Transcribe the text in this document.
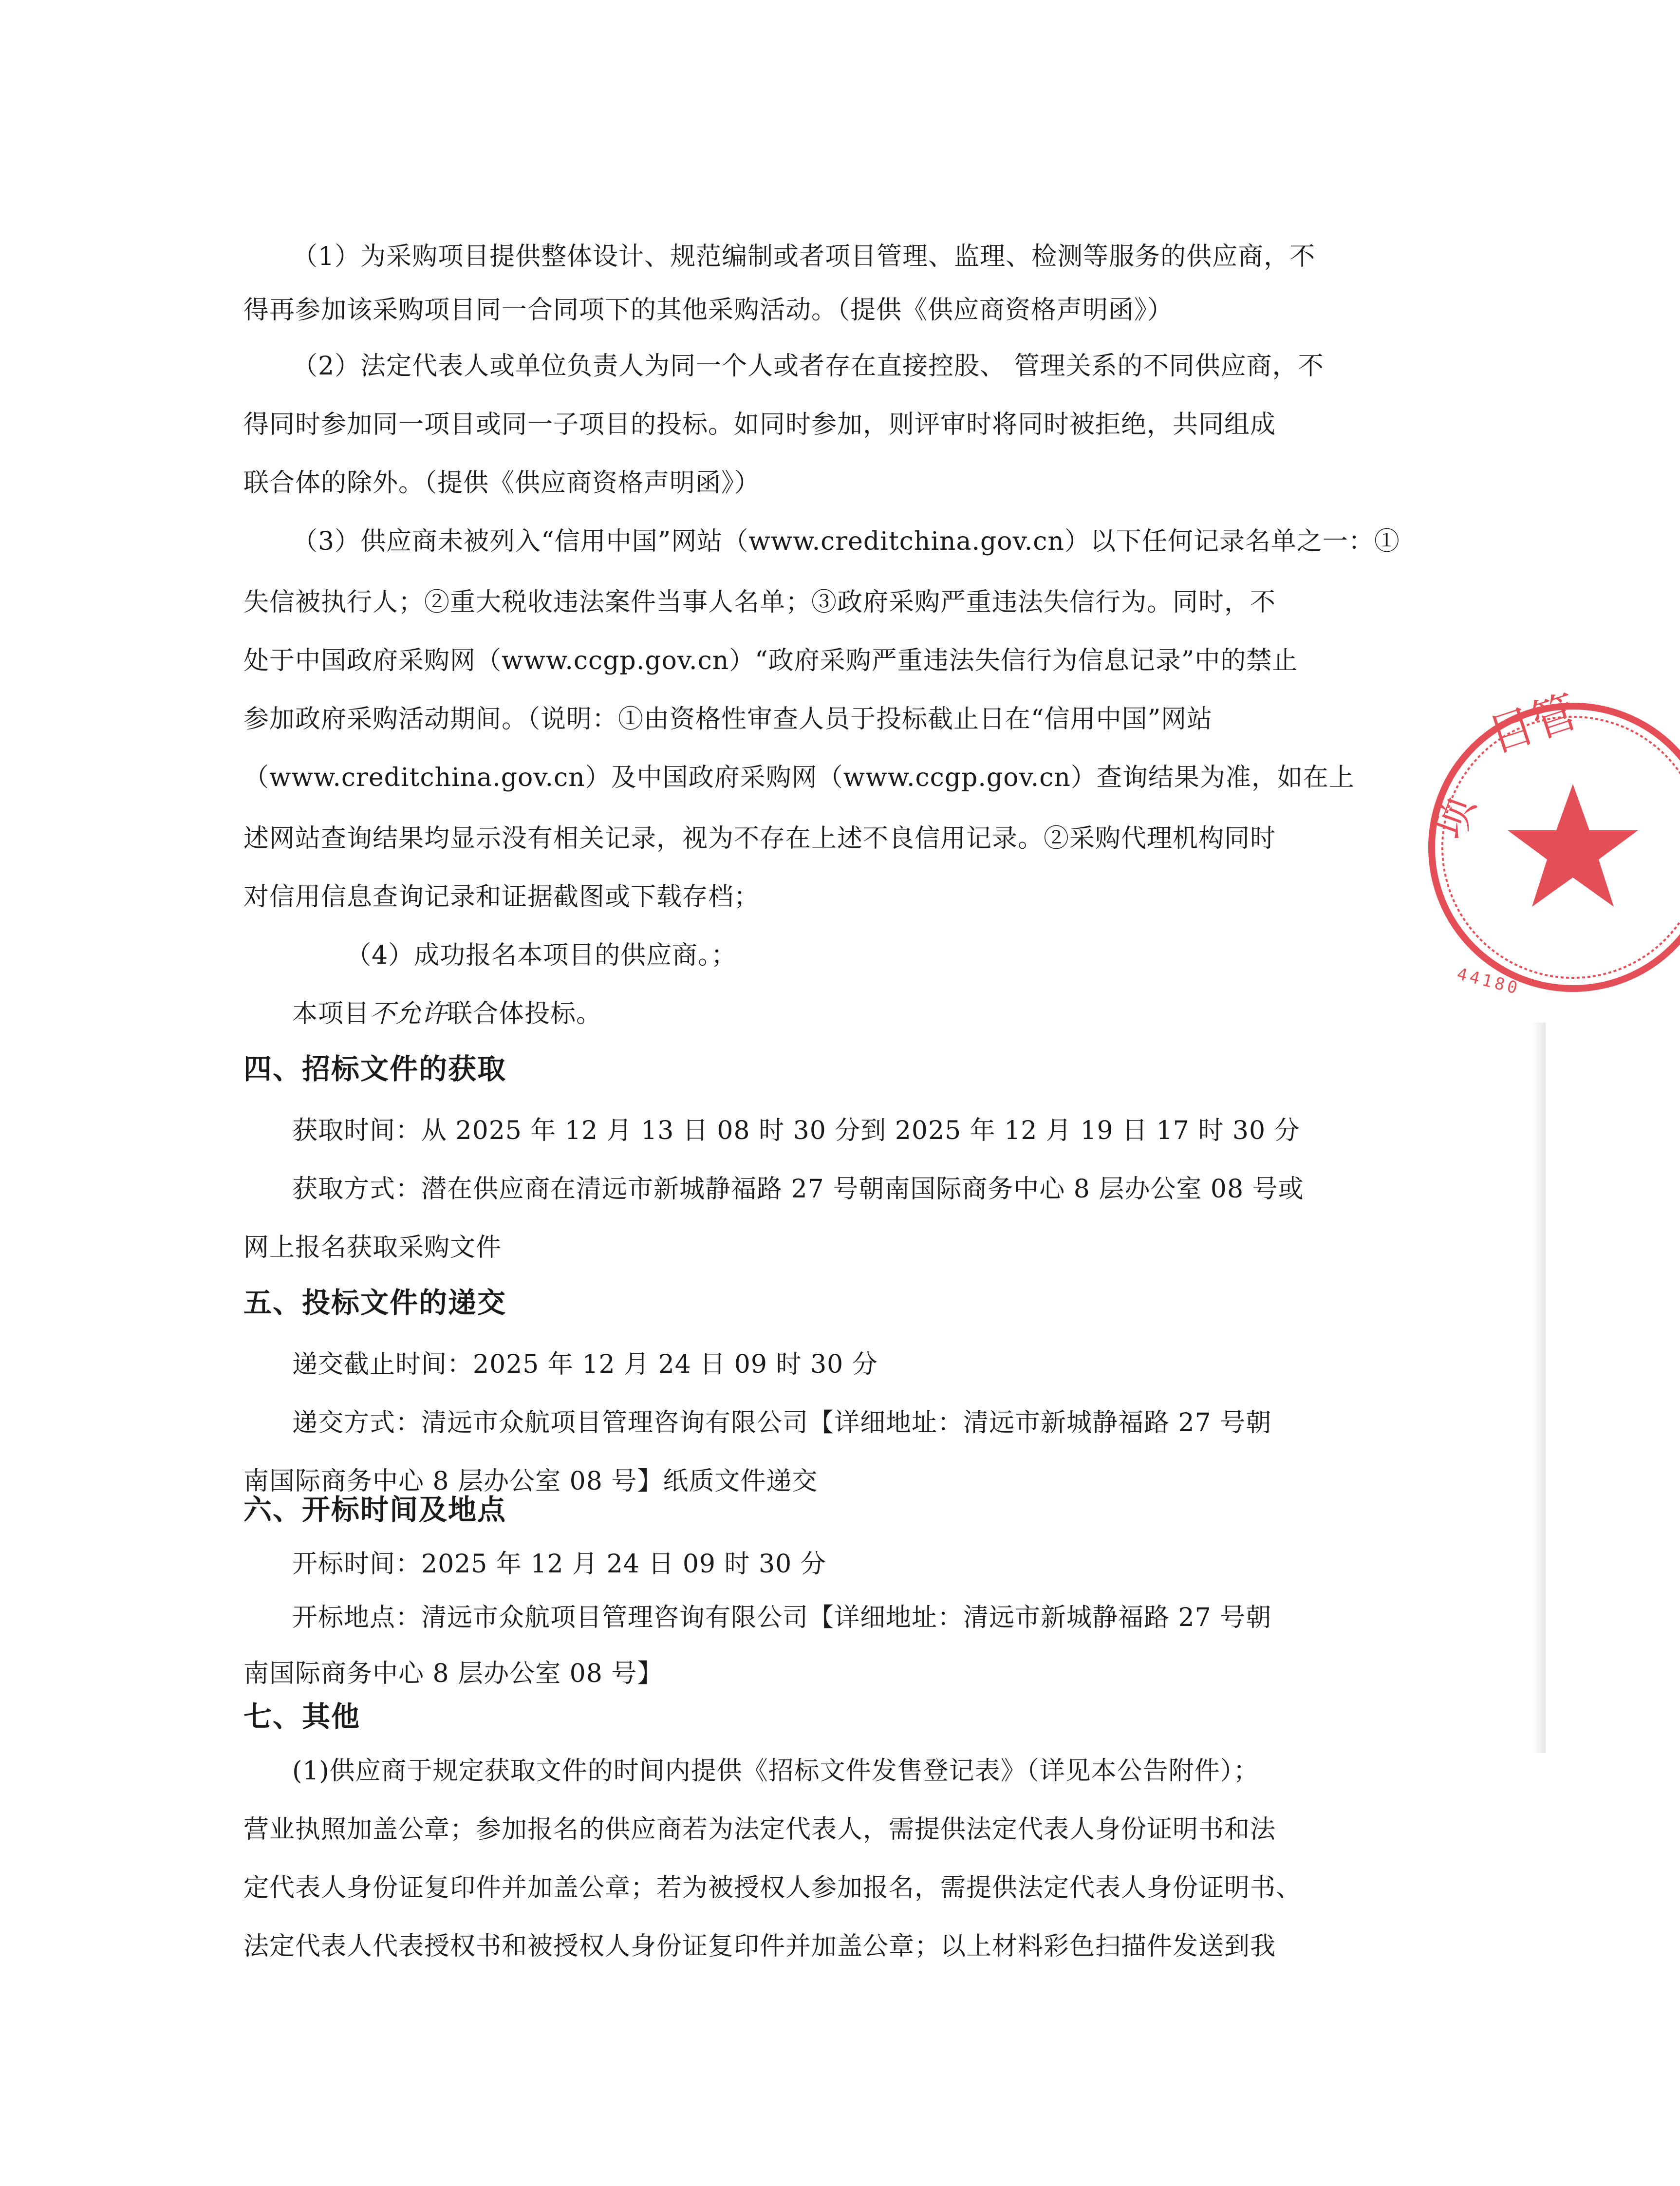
（1）为采购项目提供整体设计、规范编制或者项目管理、监理、检测等服务的供应商，不
得再参加该采购项目同一合同项下的其他采购活动。（提供《供应商资格声明函》）
（2）法定代表人或单位负责人为同一个人或者存在直接控股、 管理关系的不同供应商，不
得同时参加同一项目或同一子项目的投标。如同时参加，则评审时将同时被拒绝，共同组成
联合体的除外。（提供《供应商资格声明函》）
（3）供应商未被列入“信用中国”网站（www.creditchina.gov.cn）以下任何记录名单之一：①
失信被执行人；②重大税收违法案件当事人名单；③政府采购严重违法失信行为。同时，不
处于中国政府采购网（www.ccgp.gov.cn）“政府采购严重违法失信行为信息记录”中的禁止
参加政府采购活动期间。（说明：①由资格性审查人员于投标截止日在“信用中国”网站
（www.creditchina.gov.cn）及中国政府采购网（www.ccgp.gov.cn）查询结果为准，如在上
述网站查询结果均显示没有相关记录，视为不存在上述不良信用记录。②采购代理机构同时
对信用信息查询记录和证据截图或下载存档；
（4）成功报名本项目的供应商。；
本项目不允许联合体投标。
四、招标文件的获取
获取时间：从 2025 年 12 月 13 日 08 时 30 分到 2025 年 12 月 19 日 17 时 30 分
获取方式：潜在供应商在清远市新城静福路 27 号朝南国际商务中心 8 层办公室 08 号或
网上报名获取采购文件
五、投标文件的递交
递交截止时间：2025 年 12 月 24 日 09 时 30 分
递交方式：清远市众航项目管理咨询有限公司【详细地址：清远市新城静福路 27 号朝
南国际商务中心 8 层办公室 08 号】纸质文件递交
六、开标时间及地点
开标时间：2025 年 12 月 24 日 09 时 30 分
开标地点：清远市众航项目管理咨询有限公司【详细地址：清远市新城静福路 27 号朝
南国际商务中心 8 层办公室 08 号】
七、其他
(1)供应商于规定获取文件的时间内提供《招标文件发售登记表》（详见本公告附件）；
营业执照加盖公章；参加报名的供应商若为法定代表人，需提供法定代表人身份证明书和法
定代表人身份证复印件并加盖公章；若为被授权人参加报名，需提供法定代表人身份证明书、
法定代表人代表授权书和被授权人身份证复印件并加盖公章；以上材料彩色扫描件发送到我
目管
项
44180
